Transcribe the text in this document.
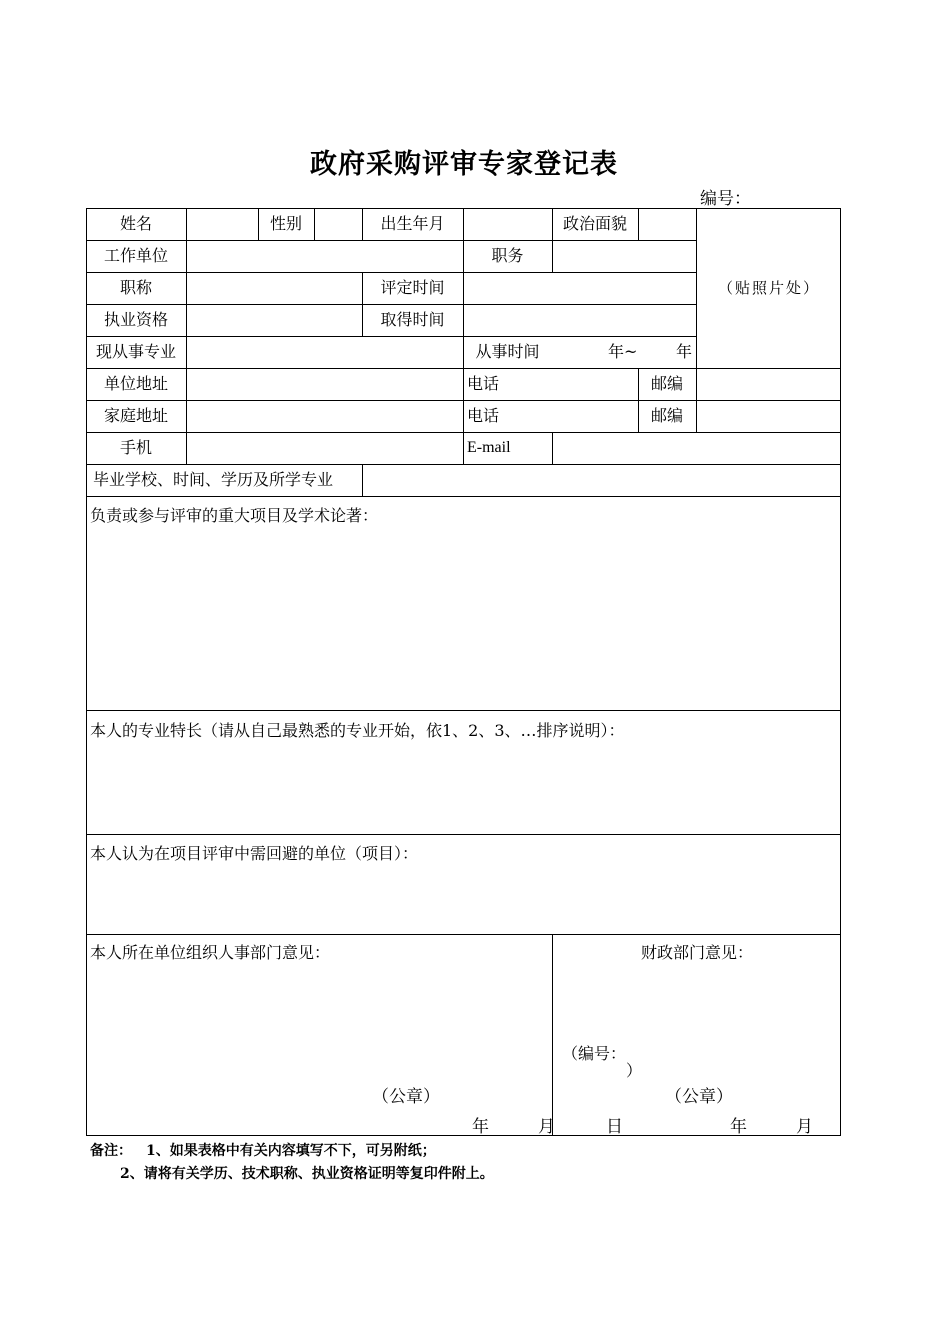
政府采购评审专家登记表
编号：
姓名	性别	出生年月	政治面貌
工作单位	职务
职称	评定时间
执业资格	取得时间
现从事专业	从事时间	年~ 年
（贴照片处）
单位地址	电话	邮编
家庭地址	电话	邮编
手机	E-mail
毕业学校、时间、学历及所学专业
负责或参与评审的重大项目及学术论著：
本人的专业特长（请从自己最熟悉的专业开始，依1、2、3、…排序说明）：
本人认为在项目评审中需回避的单位（项目）：
本人所在单位组织人事部门意见：	财政部门意见：
（编号：
）
（公章）	（公章）
年	月	日	年	月
备注： 1、如果表格中有关内容填写不下，可另附纸；
2、请将有关学历、技术职称、执业资格证明等复印件附上。
